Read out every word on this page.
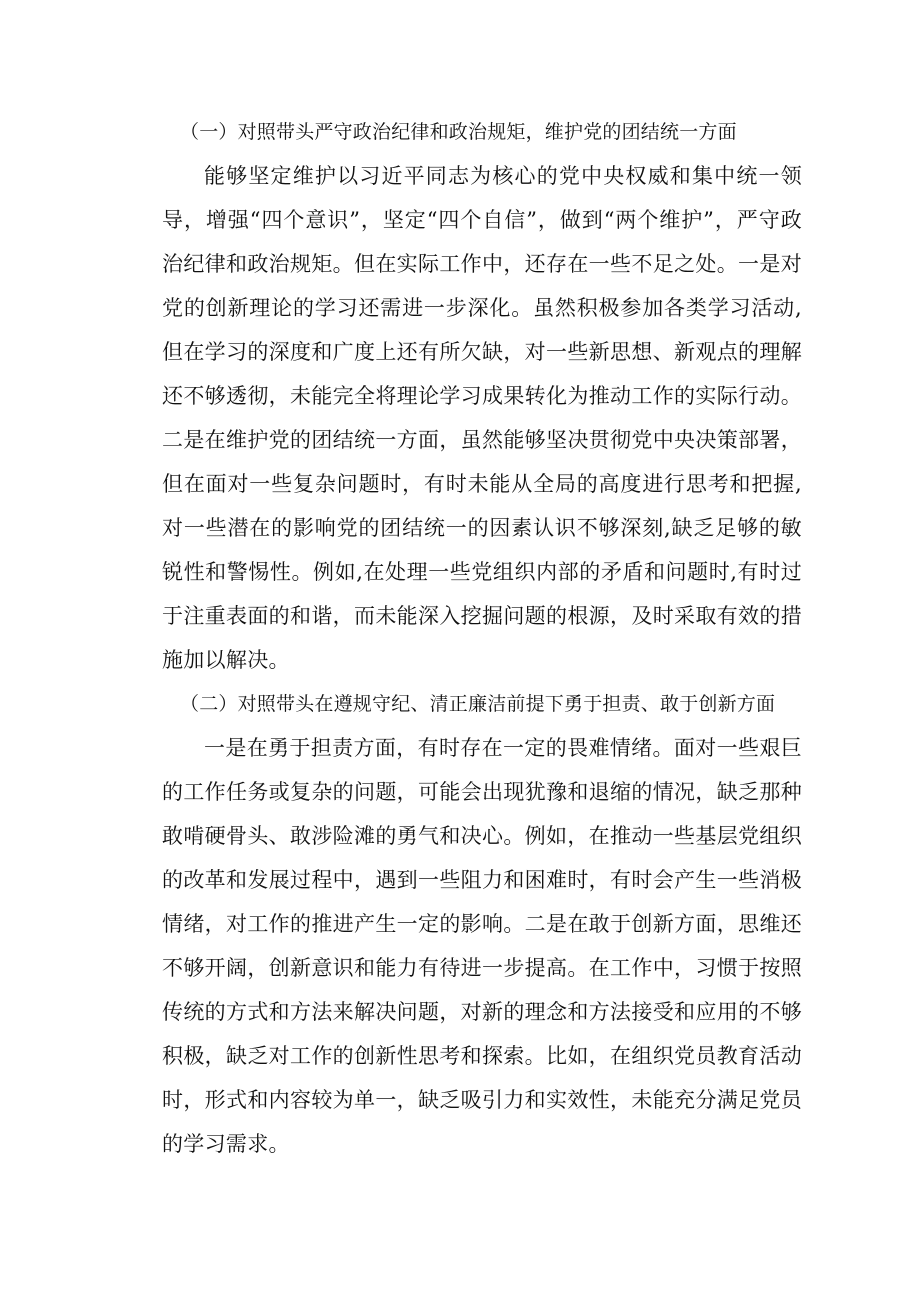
（一）对照带头严守政治纪律和政治规矩，维护党的团结统一方面

能够坚定维护以习近平同志为核心的党中央权威和集中统一领导，增强“四个意识”，坚定“四个自信”，做到“两个维护”，严守政治纪律和政治规矩。但在实际工作中，还存在一些不足之处。一是对党的创新理论的学习还需进一步深化。虽然积极参加各类学习活动,但在学习的深度和广度上还有所欠缺，对一些新思想、新观点的理解还不够透彻，未能完全将理论学习成果转化为推动工作的实际行动。二是在维护党的团结统一方面，虽然能够坚决贯彻党中央决策部署，但在面对一些复杂问题时，有时未能从全局的高度进行思考和把握,对一些潜在的影响党的团结统一的因素认识不够深刻,缺乏足够的敏锐性和警惕性。例如,在处理一些党组织内部的矛盾和问题时,有时过于注重表面的和谐，而未能深入挖掘问题的根源，及时采取有效的措施加以解决。

（二）对照带头在遵规守纪、清正廉洁前提下勇于担责、敢于创新方面

一是在勇于担责方面，有时存在一定的畏难情绪。面对一些艰巨的工作任务或复杂的问题，可能会出现犹豫和退缩的情况，缺乏那种敢啃硬骨头、敢涉险滩的勇气和决心。例如，在推动一些基层党组织的改革和发展过程中，遇到一些阻力和困难时，有时会产生一些消极情绪，对工作的推进产生一定的影响。二是在敢于创新方面，思维还不够开阔，创新意识和能力有待进一步提高。在工作中，习惯于按照传统的方式和方法来解决问题，对新的理念和方法接受和应用的不够积极，缺乏对工作的创新性思考和探索。比如，在组织党员教育活动时，形式和内容较为单一，缺乏吸引力和实效性，未能充分满足党员的学习需求。
